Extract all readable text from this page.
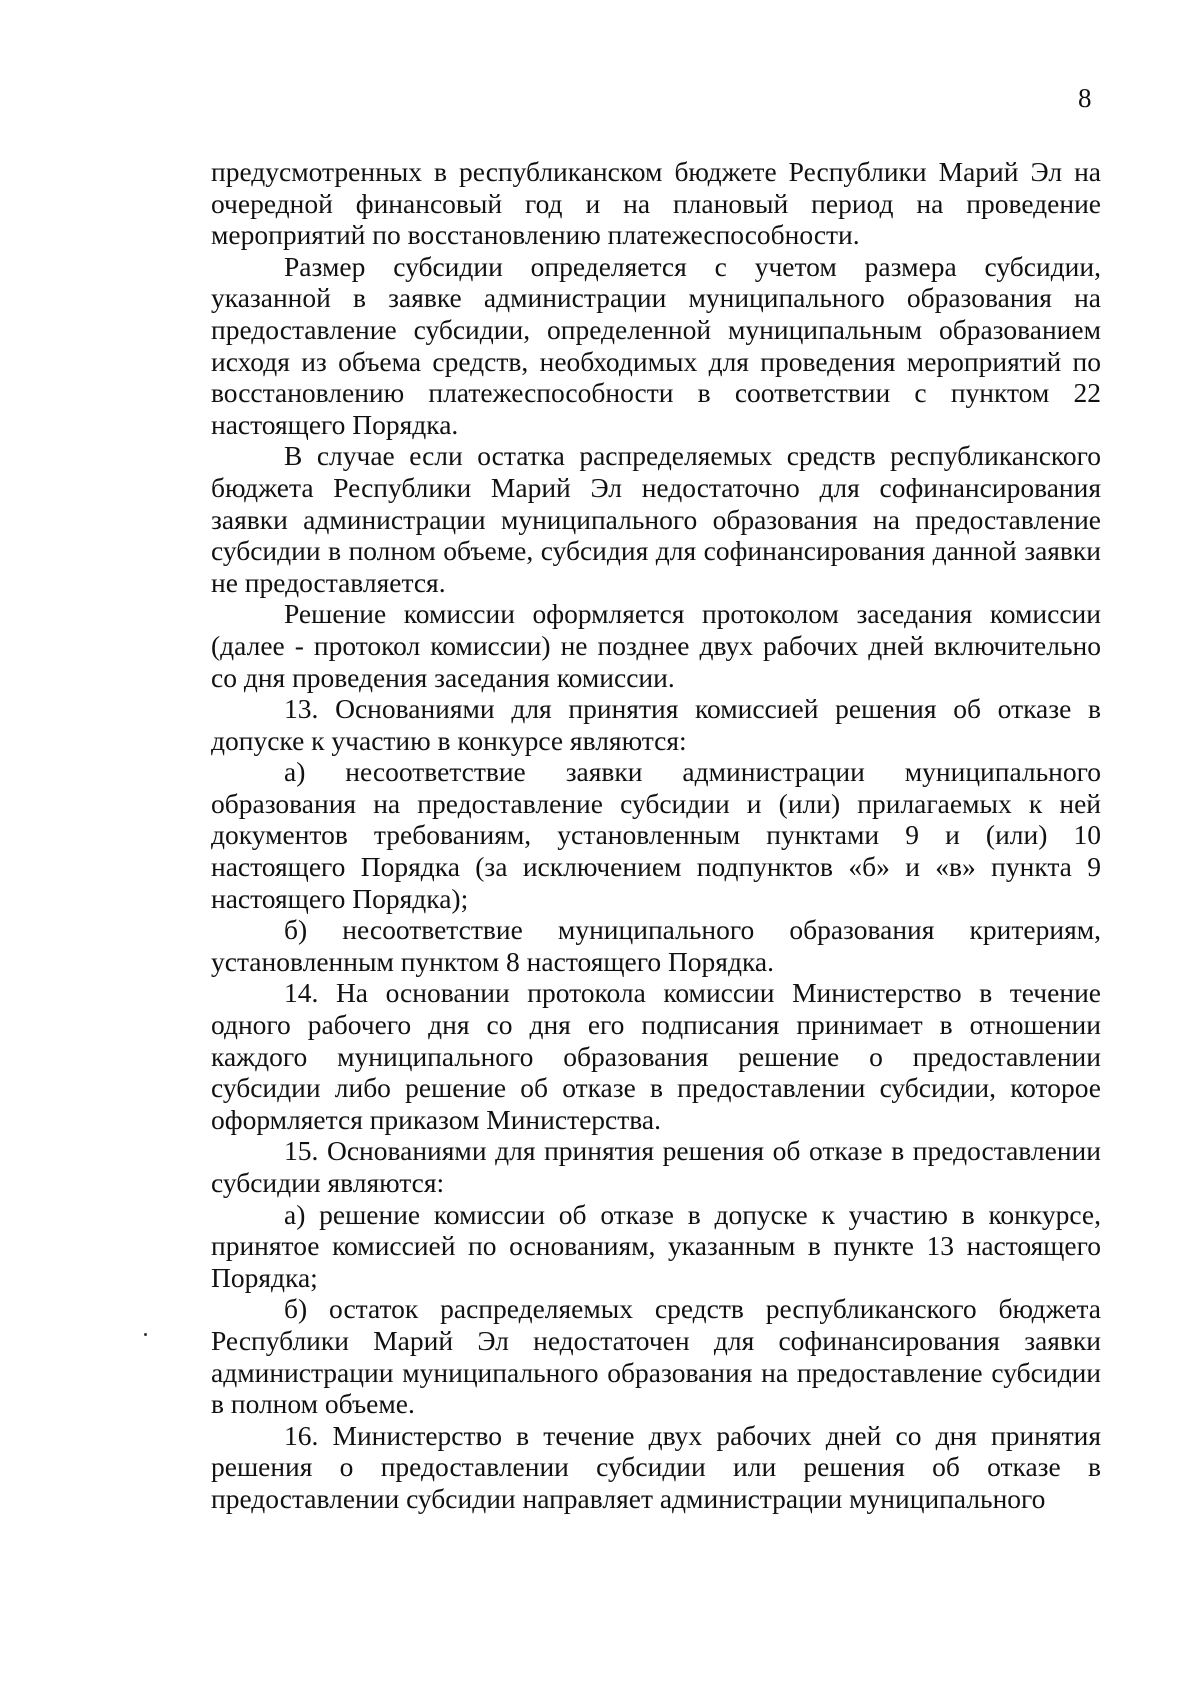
8

предусмотренных в республиканском бюджете Республики Марий Эл на очередной финансовый год и на плановый период на проведение мероприятий по восстановлению платежеспособности.

Размер субсидии определяется с учетом размера субсидии, указанной в заявке администрации муниципального образования на предоставление субсидии, определенной муниципальным образованием исходя из объема средств, необходимых для проведения мероприятий по восстановлению платежеспособности в соответствии с пунктом 22 настоящего Порядка.

В случае если остатка распределяемых средств республиканского бюджета Республики Марий Эл недостаточно для софинансирования заявки администрации муниципального образования на предоставление субсидии в полном объеме, субсидия для софинансирования данной заявки не предоставляется.

Решение комиссии оформляется протоколом заседания комиссии (далее - протокол комиссии) не позднее двух рабочих дней включительно со дня проведения заседания комиссии.

13. Основаниями для принятия комиссией решения об отказе в допуске к участию в конкурсе являются:

а) несоответствие заявки администрации муниципального образования на предоставление субсидии и (или) прилагаемых к ней документов требованиям, установленным пунктами 9 и (или) 10 настоящего Порядка (за исключением подпунктов «б» и «в» пункта 9 настоящего Порядка);

б) несоответствие муниципального образования критериям, установленным пунктом 8 настоящего Порядка.

14. На основании протокола комиссии Министерство в течение одного рабочего дня со дня его подписания принимает в отношении каждого муниципального образования решение о предоставлении субсидии либо решение об отказе в предоставлении субсидии, которое оформляется приказом Министерства.

15. Основаниями для принятия решения об отказе в предоставлении субсидии являются:

а) решение комиссии об отказе в допуске к участию в конкурсе, принятое комиссией по основаниям, указанным в пункте 13 настоящего Порядка;

б) остаток распределяемых средств республиканского бюджета Республики Марий Эл недостаточен для софинансирования заявки администрации муниципального образования на предоставление субсидии в полном объеме.

16. Министерство в течение двух рабочих дней со дня принятия решения о предоставлении субсидии или решения об отказе в предоставлении субсидии направляет администрации муниципального
